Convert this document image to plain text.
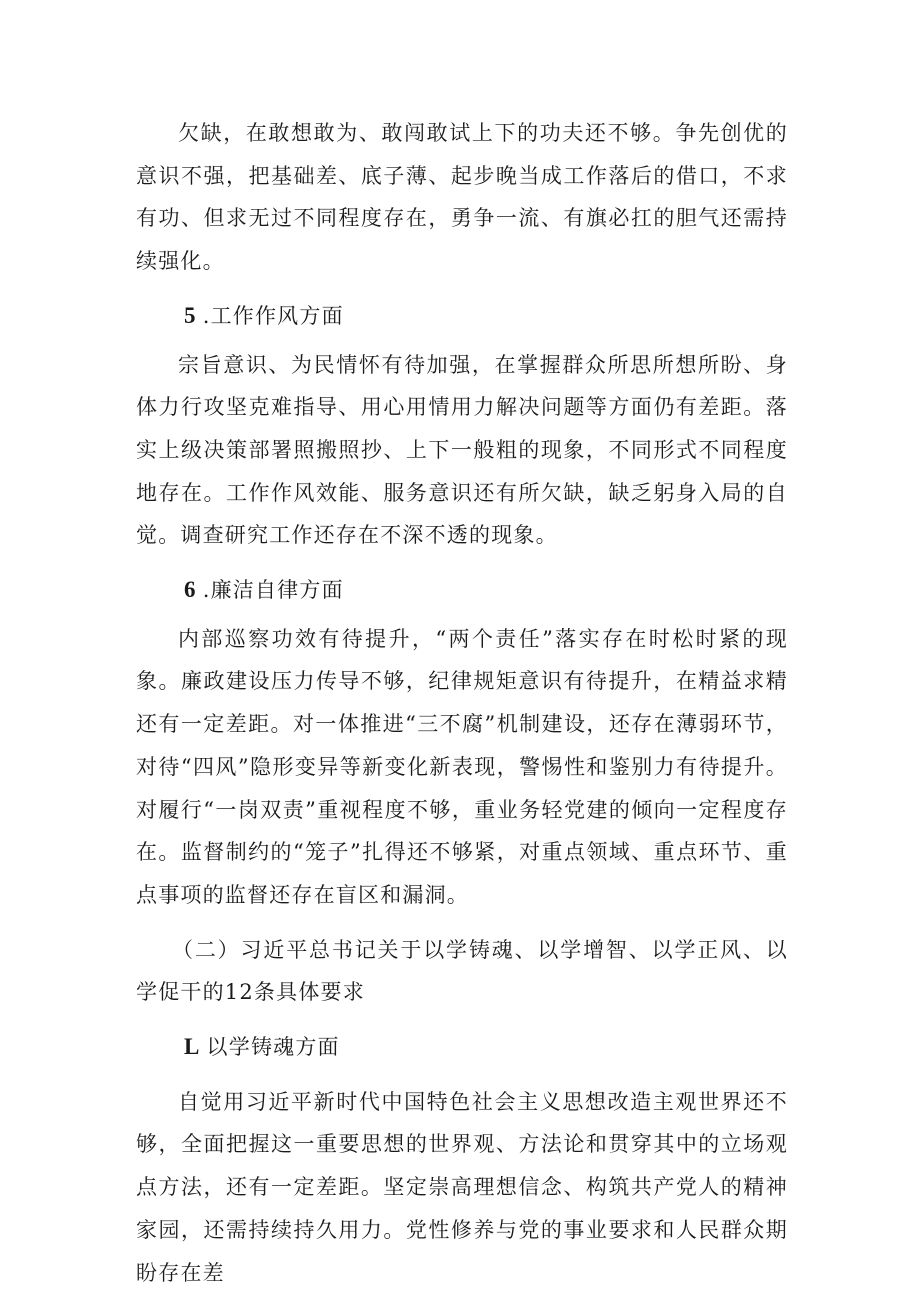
欠缺，在敢想敢为、敢闯敢试上下的功夫还不够。争先创优的意识不强，把基础差、底子薄、起步晚当成工作落后的借口，不求有功、但求无过不同程度存在，勇争一流、有旗必扛的胆气还需持续强化。

5 .工作作风方面

宗旨意识、为民情怀有待加强，在掌握群众所思所想所盼、身体力行攻坚克难指导、用心用情用力解决问题等方面仍有差距。落实上级决策部署照搬照抄、上下一般粗的现象，不同形式不同程度地存在。工作作风效能、服务意识还有所欠缺，缺乏躬身入局的自觉。调查研究工作还存在不深不透的现象。

6 .廉洁自律方面

内部巡察功效有待提升，“两个责任”落实存在时松时紧的现象。廉政建设压力传导不够，纪律规矩意识有待提升，在精益求精还有一定差距。对一体推进“三不腐”机制建设，还存在薄弱环节，对待“四风”隐形变异等新变化新表现，警惕性和鉴别力有待提升。对履行“一岗双责”重视程度不够，重业务轻党建的倾向一定程度存在。监督制约的“笼子”扎得还不够紧，对重点领域、重点环节、重点事项的监督还存在盲区和漏洞。

（二）习近平总书记关于以学铸魂、以学增智、以学正风、以学促干的12条具体要求

L 以学铸魂方面

自觉用习近平新时代中国特色社会主义思想改造主观世界还不够，全面把握这一重要思想的世界观、方法论和贯穿其中的立场观点方法，还有一定差距。坚定崇高理想信念、构筑共产党人的精神家园，还需持续持久用力。党性修养与党的事业要求和人民群众期盼存在差
